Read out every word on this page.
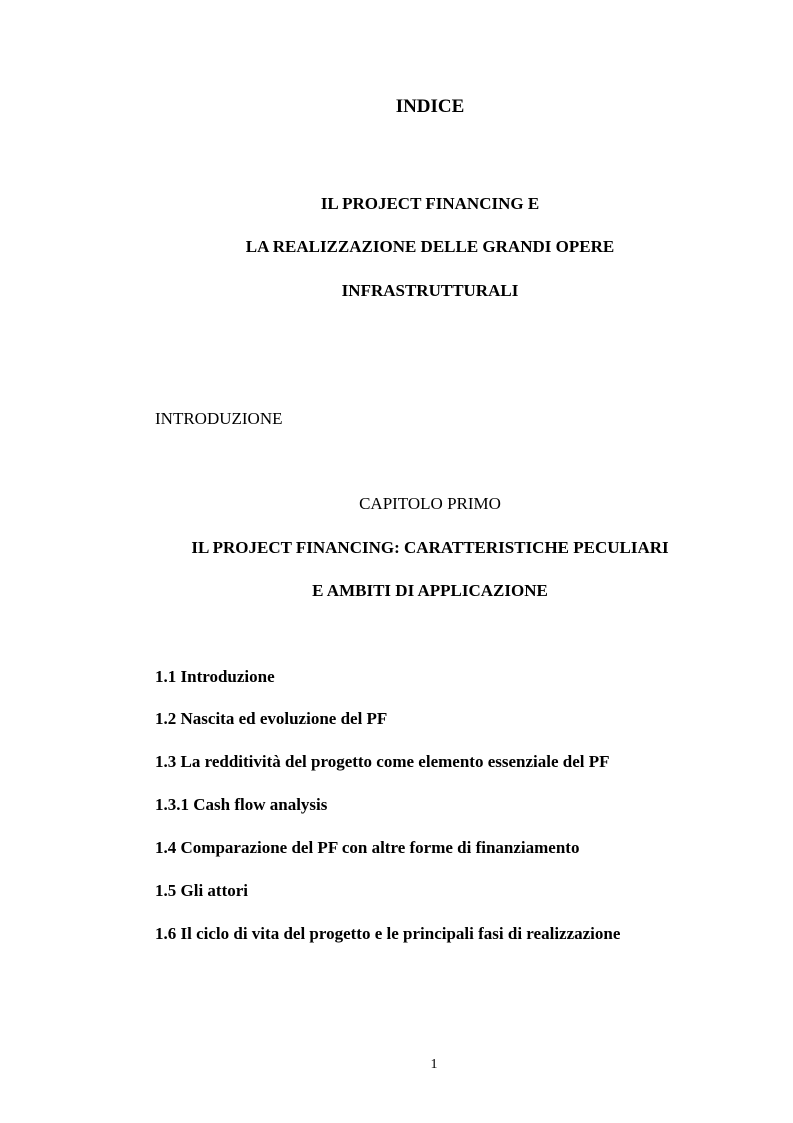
INDICE
IL PROJECT FINANCING E
LA REALIZZAZIONE DELLE GRANDI OPERE
INFRASTRUTTURALI
INTRODUZIONE
CAPITOLO PRIMO
IL PROJECT FINANCING: CARATTERISTICHE PECULIARI
E AMBITI DI APPLICAZIONE
1.1 Introduzione
1.2 Nascita ed evoluzione del PF
1.3 La redditività del progetto come elemento essenziale del PF
1.3.1 Cash flow analysis
1.4 Comparazione del PF con altre forme di finanziamento
1.5 Gli attori
1.6 Il ciclo di vita del progetto e le principali fasi di realizzazione
1
